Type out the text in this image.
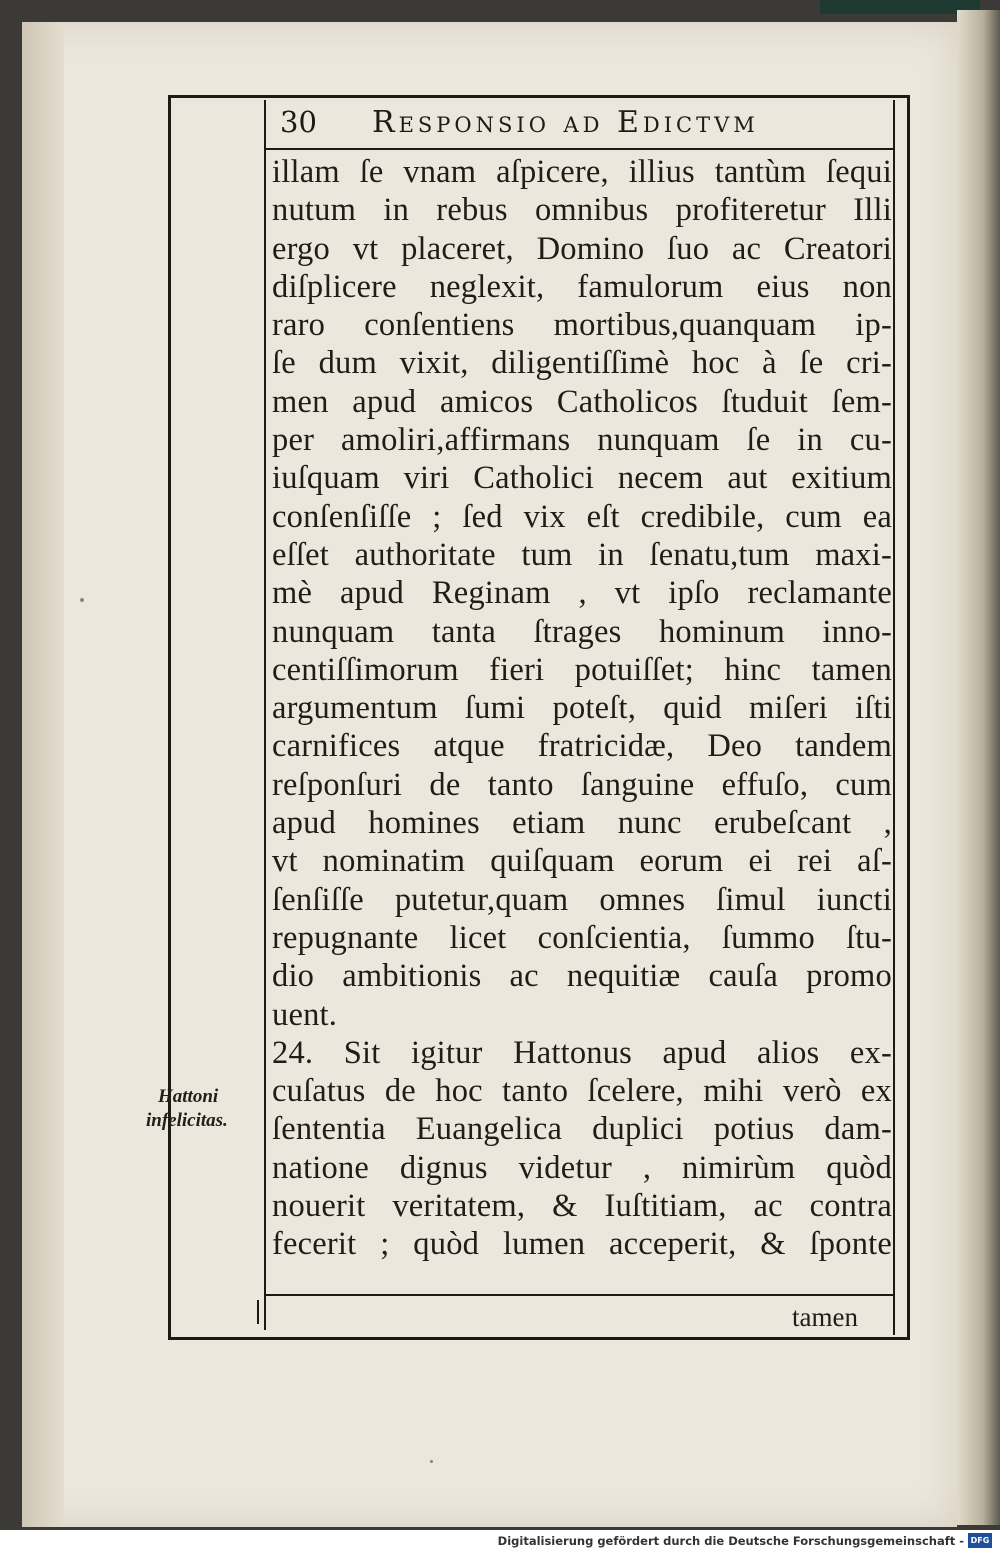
30 Responsio ad Edictvm
illam ſe vnam aſpicere, illius tantùm ſequi
nutum in rebus omnibus profiteretur Illi
ergo vt placeret, Domino ſuo ac Creatori
diſplicere neglexit, famulorum eius non
raro conſentiens mortibus,quanquam ip-
ſe dum vixit, diligentiſſimè hoc à ſe cri-
men apud amicos Catholicos ſtuduit ſem-
per amoliri,affirmans nunquam ſe in cu-
iuſquam viri Catholici necem aut exitium
conſenſiſſe ; ſed vix eſt credibile, cum ea
eſſet authoritate tum in ſenatu,tum maxi-
mè apud Reginam , vt ipſo reclamante
nunquam tanta ſtrages hominum inno-
centiſſimorum fieri potuiſſet; hinc tamen
argumentum ſumi poteſt, quid miſeri iſti
carnifices atque fratricidæ, Deo tandem
reſponſuri de tanto ſanguine effuſo, cum
apud homines etiam nunc erubeſcant ,
vt nominatim quiſquam eorum ei rei aſ-
ſenſiſſe putetur,quam omnes ſimul iuncti
repugnante licet conſcientia, ſummo ſtu-
dio ambitionis ac nequitiæ cauſa promo
uent.
24. Sit igitur Hattonus apud alios ex-
cuſatus de hoc tanto ſcelere, mihi verò ex
ſententia Euangelica duplici potius dam-
natione dignus videtur , nimirùm quòd
nouerit veritatem, & Iuſtitiam, ac contra
fecerit ; quòd lumen acceperit, & ſponte
Hattoni
infelicitas.
tamen
Digitalisierung gefördert durch die Deutsche Forschungsgemeinschaft - DFG
